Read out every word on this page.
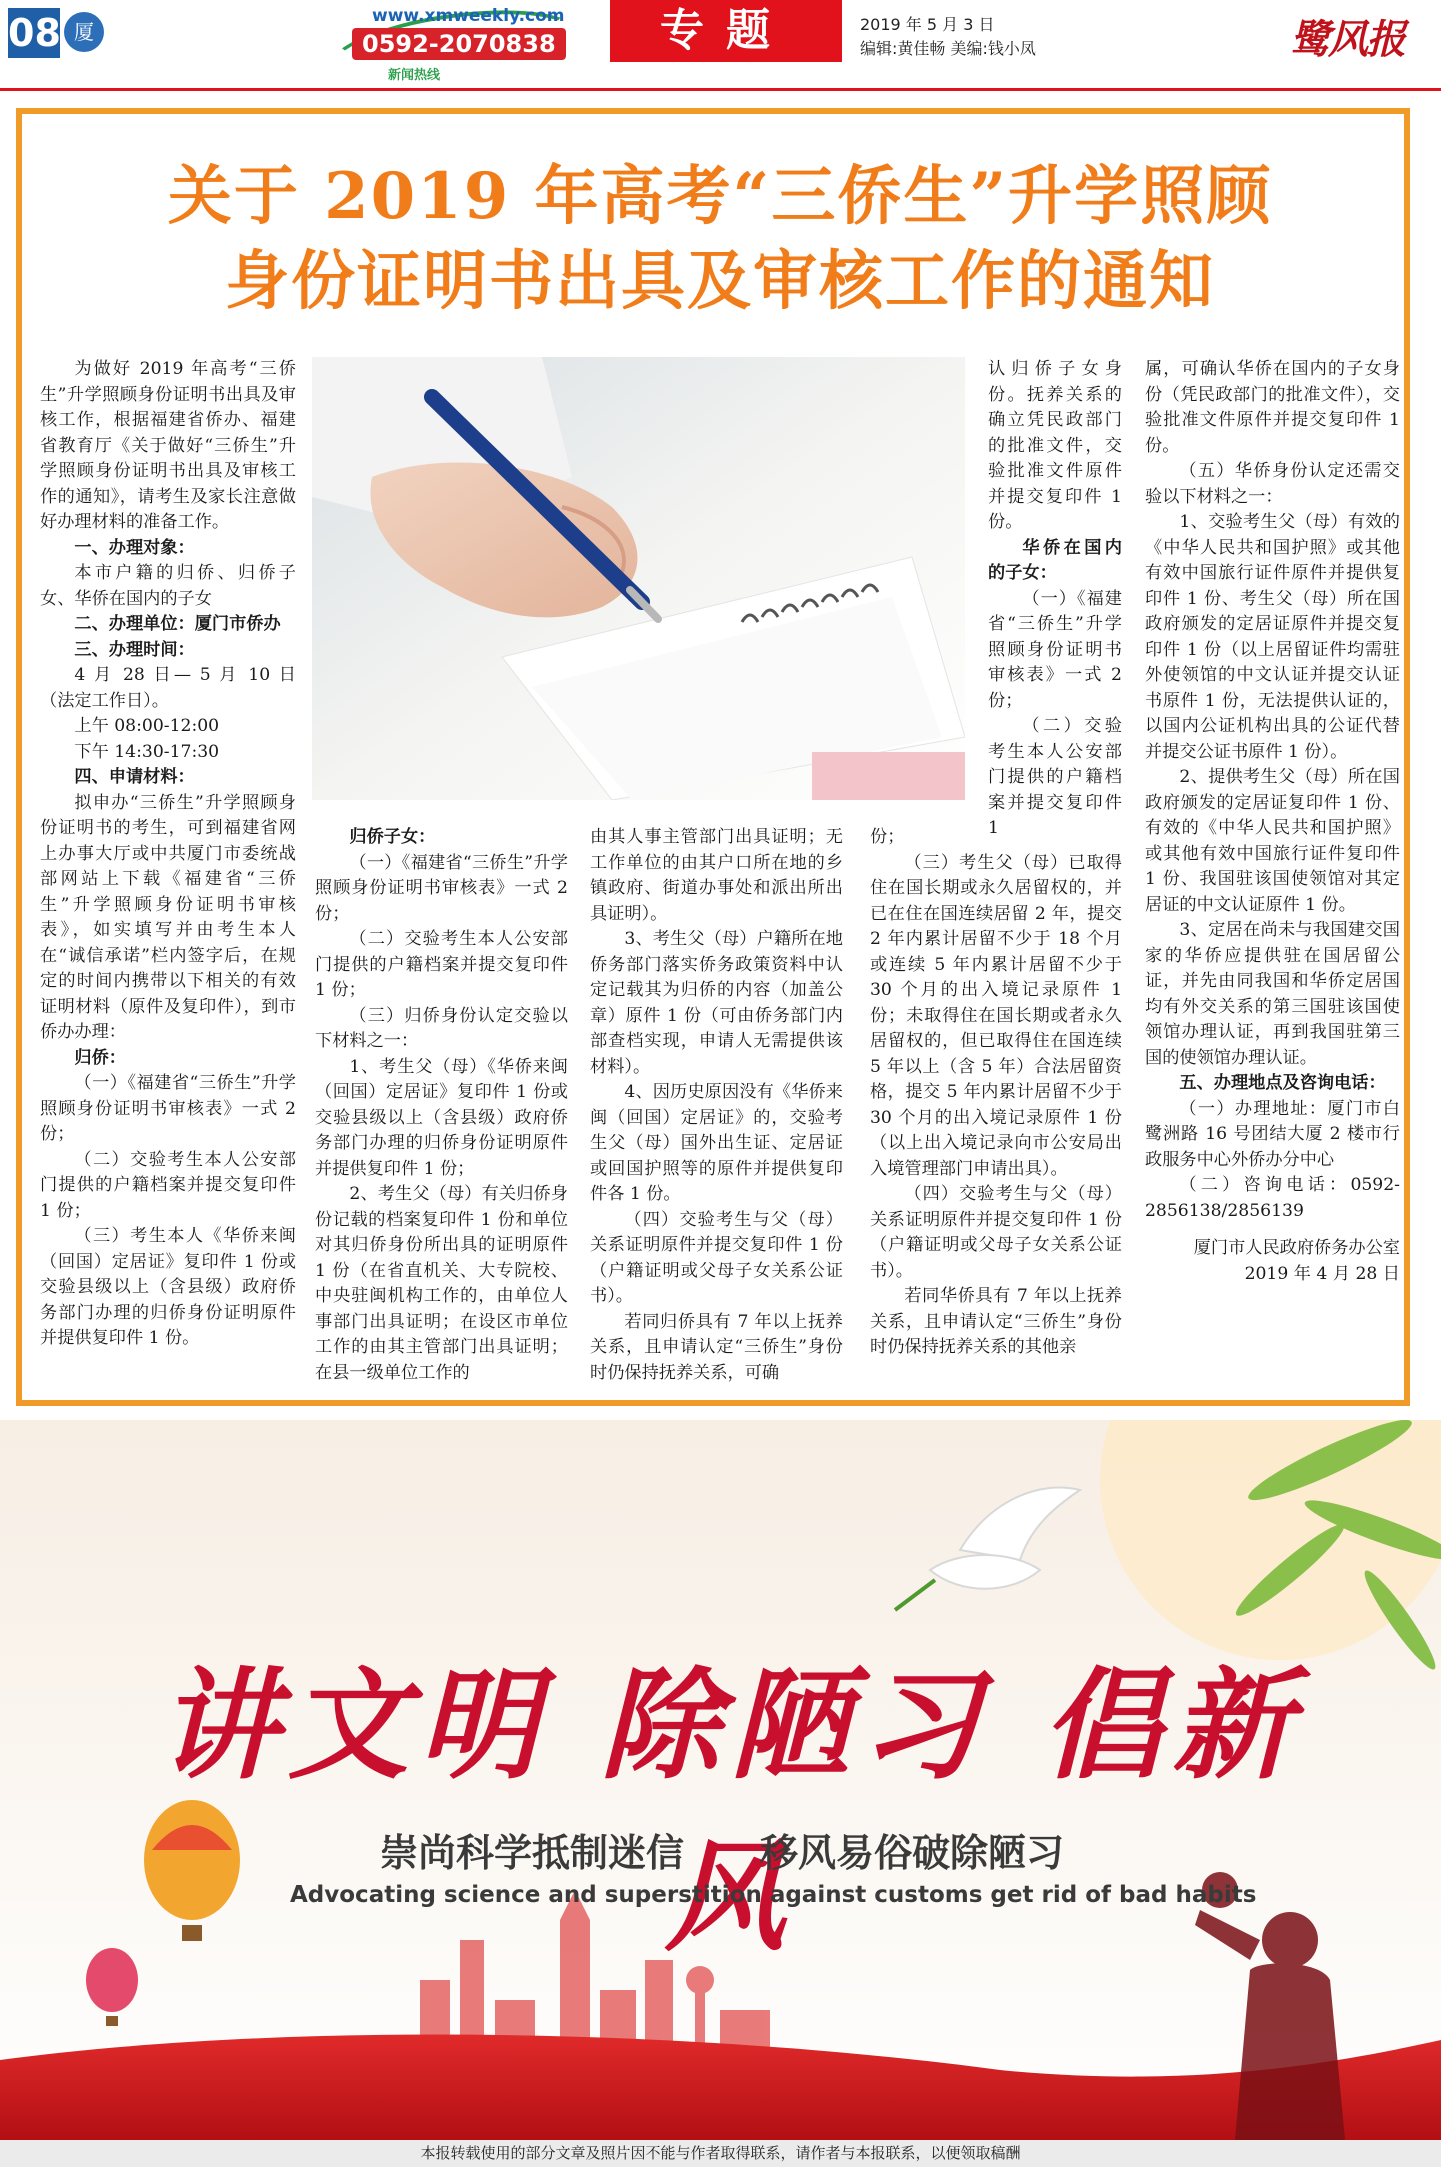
08 厦
www.xmweekly.com
0592-2070838
新闻热线
专题	2019 年 5 月 3 日
编辑:黄佳畅 美编:钱小凤	鹭风报
关于 2019 年高考“三侨生”升学照顾
身份证明书出具及审核工作的通知

为做好 2019 年高考“三侨生”升学照顾身份证明书出具及审核工作，根据福建省侨办、福建省教育厅《关于做好“三侨生”升学照顾身份证明书出具及审核工作的通知》，请考生及家长注意做好办理材料的准备工作。

一、办理对象：

本市户籍的归侨、归侨子女、华侨在国内的子女

二、办理单位：厦门市侨办

三、办理时间：

4 月 28 日— 5 月 10 日（法定工作日）。

上午 08:00-12:00

下午 14:30-17:30

四、申请材料：

拟申办“三侨生”升学照顾身份证明书的考生，可到福建省网上办事大厅或中共厦门市委统战部网站上下载《福建省“三侨生”升学照顾身份证明书审核表》，如实填写并由考生本人在“诚信承诺”栏内签字后，在规定的时间内携带以下相关的有效证明材料（原件及复印件），到市侨办办理：

归侨：

（一）《福建省“三侨生”升学照顾身份证明书审核表》一式 2 份；

（二）交验考生本人公安部门提供的户籍档案并提交复印件 1 份；

（三）考生本人《华侨来闽（回国）定居证》复印件 1 份或交验县级以上（含县级）政府侨务部门办理的归侨身份证明原件并提供复印件 1 份。

归侨子女：

（一）《福建省“三侨生”升学照顾身份证明书审核表》一式 2 份；

（二）交验考生本人公安部门提供的户籍档案并提交复印件 1 份；

（三）归侨身份认定交验以下材料之一：

1、考生父（母）《华侨来闽（回国）定居证》复印件 1 份或交验县级以上（含县级）政府侨务部门办理的归侨身份证明原件并提供复印件 1 份；

2、考生父（母）有关归侨身份记载的档案复印件 1 份和单位对其归侨身份所出具的证明原件 1 份（在省直机关、大专院校、中央驻闽机构工作的，由单位人事部门出具证明；在设区市单位工作的由其主管部门出具证明；在县一级单位工作的

由其人事主管部门出具证明；无工作单位的由其户口所在地的乡镇政府、街道办事处和派出所出具证明）。

3、考生父（母）户籍所在地侨务部门落实侨务政策资料中认定记载其为归侨的内容（加盖公章）原件 1 份（可由侨务部门内部查档实现，申请人无需提供该材料）。

4、因历史原因没有《华侨来闽（回国）定居证》的，交验考生父（母）国外出生证、定居证或回国护照等的原件并提供复印件各 1 份。

（四）交验考生与父（母）关系证明原件并提交复印件 1 份（户籍证明或父母子女关系公证书）。

若同归侨具有 7 年以上抚养关系，且申请认定“三侨生”身份时仍保持抚养关系，可确

认归侨子女身份。抚养关系的确立凭民政部门的批准文件，交验批准文件原件并提交复印件 1 份。

华侨在国内的子女：

（一）《福建省“三侨生”升学照顾身份证明书审核表》一式 2 份；

（二）交验考生本人公安部门提供的户籍档案并提交复印件 1

份；

（三）考生父（母）已取得住在国长期或永久居留权的，并已在住在国连续居留 2 年，提交 2 年内累计居留不少于 18 个月或连续 5 年内累计居留不少于 30 个月的出入境记录原件 1 份；未取得住在国长期或者永久居留权的，但已取得住在国连续 5 年以上（含 5 年）合法居留资格，提交 5 年内累计居留不少于 30 个月的出入境记录原件 1 份（以上出入境记录向市公安局出入境管理部门申请出具）。

（四）交验考生与父（母）关系证明原件并提交复印件 1 份（户籍证明或父母子女关系公证书）。

若同华侨具有 7 年以上抚养关系，且申请认定“三侨生”身份时仍保持抚养关系的其他亲

属，可确认华侨在国内的子女身份（凭民政部门的批准文件），交验批准文件原件并提交复印件 1 份。

（五）华侨身份认定还需交验以下材料之一：

1、交验考生父（母）有效的《中华人民共和国护照》或其他有效中国旅行证件原件并提供复印件 1 份、考生父（母）所在国政府颁发的定居证原件并提交复印件 1 份（以上居留证件均需驻外使领馆的中文认证并提交认证书原件 1 份，无法提供认证的，以国内公证机构出具的公证代替并提交公证书原件 1 份）。

2、提供考生父（母）所在国政府颁发的定居证复印件 1 份、有效的《中华人民共和国护照》或其他有效中国旅行证件复印件 1 份、我国驻该国使领馆对其定居证的中文认证原件 1 份。

3、定居在尚未与我国建交国家的华侨应提供驻在国居留公证，并先由同我国和华侨定居国均有外交关系的第三国驻该国使领馆办理认证，再到我国驻第三国的使领馆办理认证。

五、办理地点及咨询电话：

（一）办理地址：厦门市白鹭洲路 16 号团结大厦 2 楼市行政服务中心外侨办分中心

（二）咨询电话：0592-2856138/2856139

厦门市人民政府侨务办公室

2019 年 4 月 28 日

讲文明 除陋习 倡新风
崇尚科学抵制迷信 移风易俗破除陋习
Advocating science and superstition against customs get rid of bad habits
本报转载使用的部分文章及照片因不能与作者取得联系，请作者与本报联系，以便领取稿酬
